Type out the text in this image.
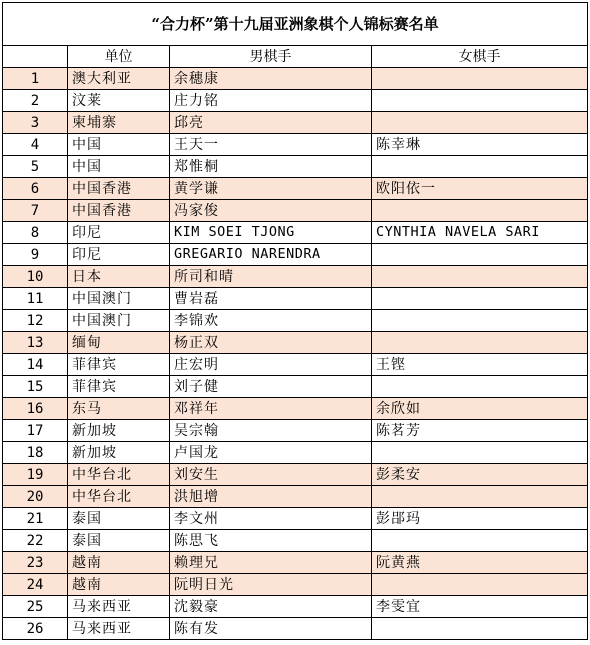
“合力杯”第十九届亚洲象棋个人锦标赛名单			
	单位	男棋手	女棋手
1	澳大利亚	余穗康	
2	汶莱	庄力铭	
3	柬埔寨	邱亮	
4	中国	王天一	陈幸琳
5	中国	郑惟桐	
6	中国香港	黄学谦	欧阳依一
7	中国香港	冯家俊	
8	印尼	KIM SOEI TJONG	CYNTHIA NAVELA SARI
9	印尼	GREGARIO NARENDRA	
10	日本	所司和晴	
11	中国澳门	曹岩磊	
12	中国澳门	李锦欢	
13	缅甸	杨正双	
14	菲律宾	庄宏明	王铿
15	菲律宾	刘子健	
16	东马	邓祥年	余欣如
17	新加坡	吴宗翰	陈茗芳
18	新加坡	卢国龙	
19	中华台北	刘安生	彭柔安
20	中华台北	洪旭增	
21	泰国	李文州	彭郘玛
22	泰国	陈思飞	
23	越南	赖理兄	阮黄燕
24	越南	阮明日光	
25	马来西亚	沈毅豪	李雯宜
26	马来西亚	陈有发	
